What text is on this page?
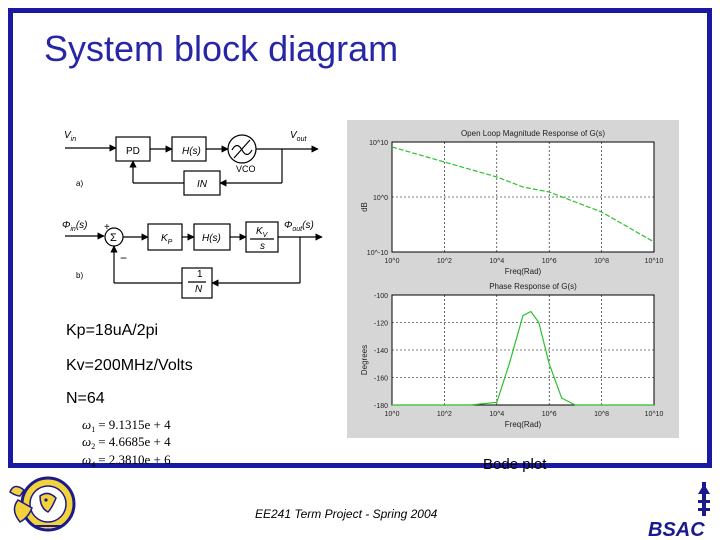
System block diagram
$V_{in}$	$V_{out}$
a)
PD	H(s)
VCO
IN
$\Phi_{in}(s)$	$\Phi_{out}(s)$
Σ
+
−
$K_P$	H(s)
$K_V$
s
b)	1
N
Kp=18uA/2pi
Kv=200MHz/Volts
N=64
$\omega_1 = 9.1315e + 4$
$\omega_2 = 4.6685e + 4$
$\omega_4 = 2.3810e + 6$
10^0	10^2	10^4	10^6	10^8	10^10
10^10
10^0
10^-10
Open Loop Magnitude Response of G(s)
Freq(Rad)
dB
10^0	10^2	10^4	10^6	10^8	10^10
-100
-120
-140
-160
-180
Phase Response of G(s)
Freq(Rad)
Degrees
Bode plot
EE241 Term Project - Spring 2004
BSAC
